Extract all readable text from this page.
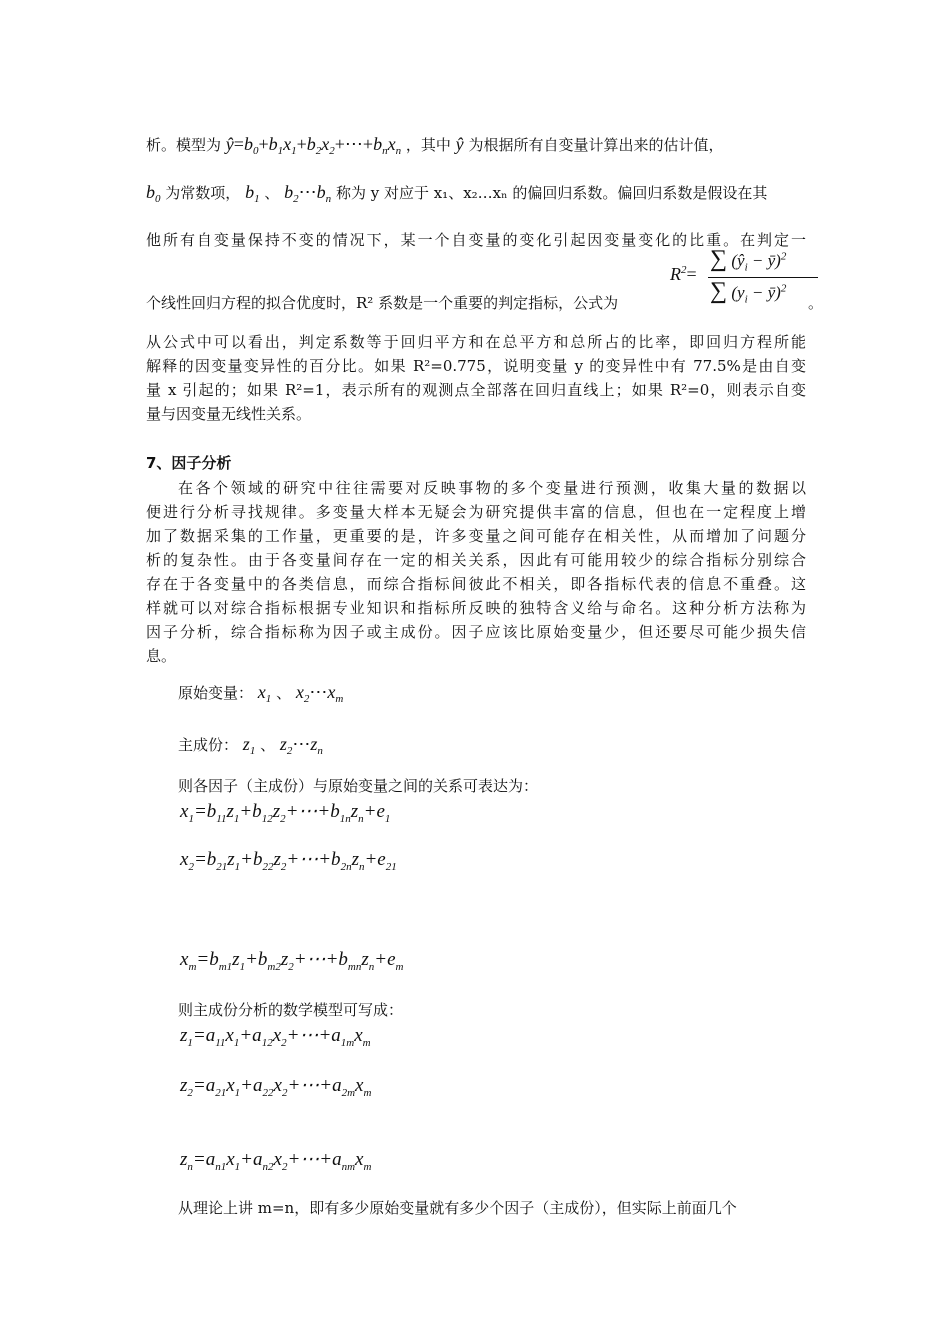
析。模型为 $ŷ=b_0+b_1x_1+b_2x_2+\cdots+b_nx_n$ ，其中 ŷ 为根据所有自变量计算出来的估计值，
$b_0$ 为常数项， $b_1$ 、 $b_2\cdots b_n$ 称为 y 对应于 x₁、x₂…xₙ 的偏回归系数。偏回归系数是假设在其
他所有自变量保持不变的情况下，某一个自变量的变化引起因变量变化的比重。在判定一
$R^2=$
∑ ($ŷ_i$ − ȳ)$^2$
∑ ($y_i$ − ȳ)$^2$
个线性回归方程的拟合优度时，R² 系数是一个重要的判定指标，公式为	。
从公式中可以看出，判定系数等于回归平方和在总平方和总所占的比率，即回归方程所能
解释的因变量变异性的百分比。如果 R²=0.775，说明变量 y 的变异性中有 77.5%是由自变
量 x 引起的；如果 R²=1，表示所有的观测点全部落在回归直线上；如果 R²=0，则表示自变
量与因变量无线性关系。
7、因子分析
在各个领域的研究中往往需要对反映事物的多个变量进行预测，收集大量的数据以
便进行分析寻找规律。多变量大样本无疑会为研究提供丰富的信息，但也在一定程度上增
加了数据采集的工作量，更重要的是，许多变量之间可能存在相关性，从而增加了问题分
析的复杂性。由于各变量间存在一定的相关关系，因此有可能用较少的综合指标分别综合
存在于各变量中的各类信息，而综合指标间彼此不相关，即各指标代表的信息不重叠。这
样就可以对综合指标根据专业知识和指标所反映的独特含义给与命名。这种分析方法称为
因子分析，综合指标称为因子或主成份。因子应该比原始变量少，但还要尽可能少损失信
息。
原始变量： $x_1$ 、 $x_2\cdots x_m$
主成份： $z_1$ 、 $z_2\cdots z_n$
则各因子（主成份）与原始变量之间的关系可表达为：
$x_1=b_{11}z_1+b_{12}z_2+\cdots+b_{1n}z_n+e_1$
$x_2=b_{21}z_1+b_{22}z_2+\cdots+b_{2n}z_n+e_{21}$
$x_m=b_{m1}z_1+b_{m2}z_2+\cdots+b_{mn}z_n+e_m$
则主成份分析的数学模型可写成：
$z_1=a_{11}x_1+a_{12}x_2+\cdots+a_{1m}x_m$
$z_2=a_{21}x_1+a_{22}x_2+\cdots+a_{2m}x_m$
$z_n=a_{n1}x_1+a_{n2}x_2+\cdots+a_{nm}x_m$
从理论上讲 m=n，即有多少原始变量就有多少个因子（主成份），但实际上前面几个
